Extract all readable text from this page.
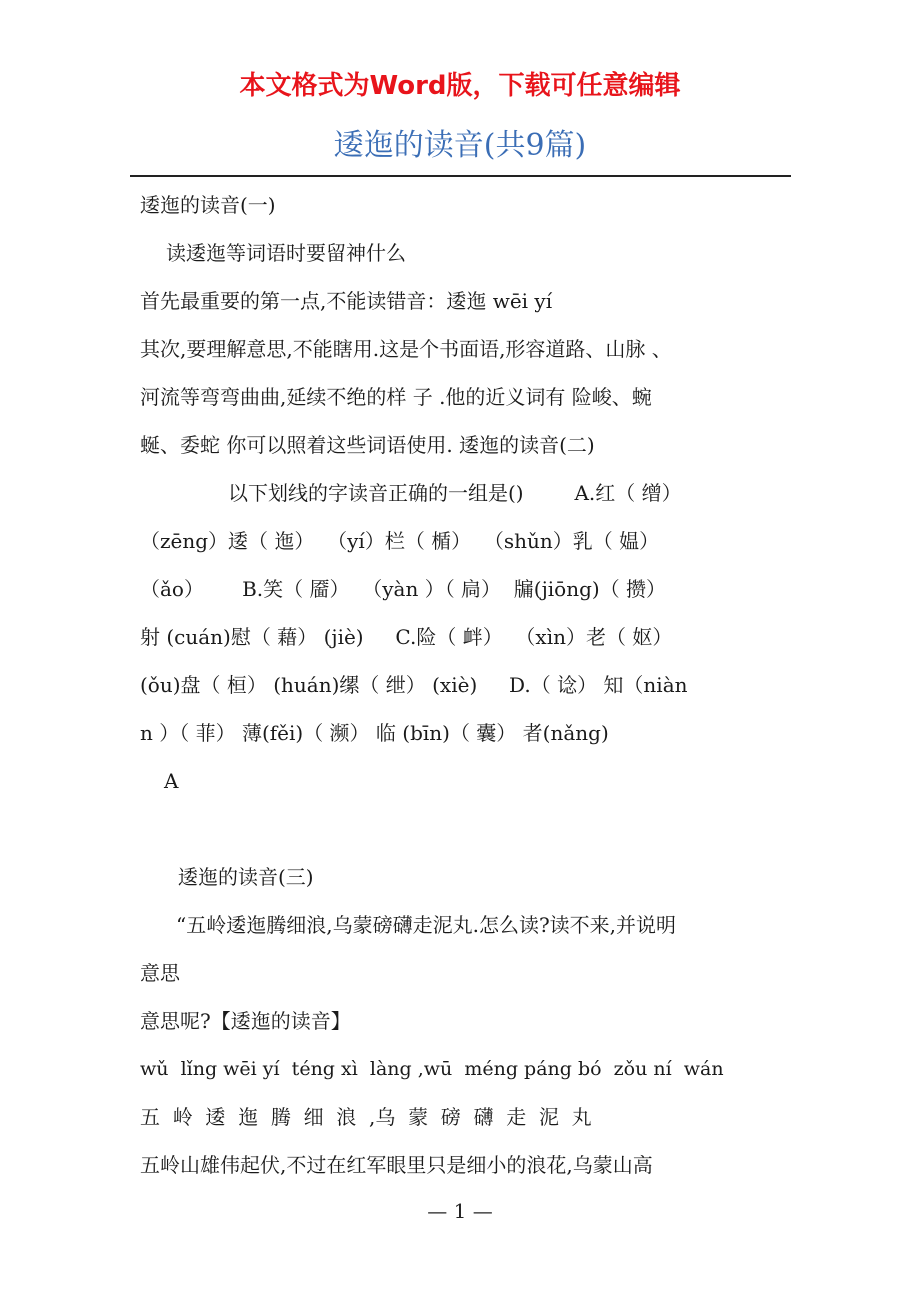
本文格式为Word版，下载可任意编辑
逶迤的读音(共9篇)
逶迤的读音(一)
读逶迤等词语时要留神什么
首先最重要的第一点,不能读错音：逶迤 wēi yí
其次,要理解意思,不能瞎用.这是个书面语,形容道路、山脉 、
河流等弯弯曲曲,延续不绝的样 子 .他的近义词有 险峻、蜿
蜒、委蛇 你可以照着这些词语使用. 逶迤的读音(二)
以下划线的字读音正确的一组是()        A.红（ 缯）
（zēng）逶（ 迤）  （yí）栏（ 楯）  （shǔn）乳（ 媪）
（ǎo）      B.笑（ 靥）  （yàn ）（ 扃）  牖(jiōng)（ 攒）
射 (cuán)慰（ 藉） (jiè)     C.险（ 衅）  （xìn）老（ 妪）
(ǒu)盘（ 桓） (huán)缧（ 绁） (xiè)     D.（ 谂） 知（niàn
n ）（ 菲） 薄(fěi)（ 濒） 临 (bīn)（ 囊） 者(nǎng)
A
逶迤的读音(三)
“五岭逶迤腾细浪,乌蒙磅礴走泥丸.怎么读?读不来,并说明
意思
意思呢?【逶迤的读音】
wǔ  lǐng wēi yí  téng xì  làng ,wū  méng páng bó  zǒu ní  wán
五  岭  逶  迤  腾  细  浪  ,乌  蒙  磅  礴  走  泥  丸
五岭山雄伟起伏,不过在红军眼里只是细小的浪花,乌蒙山高
— 1 —
